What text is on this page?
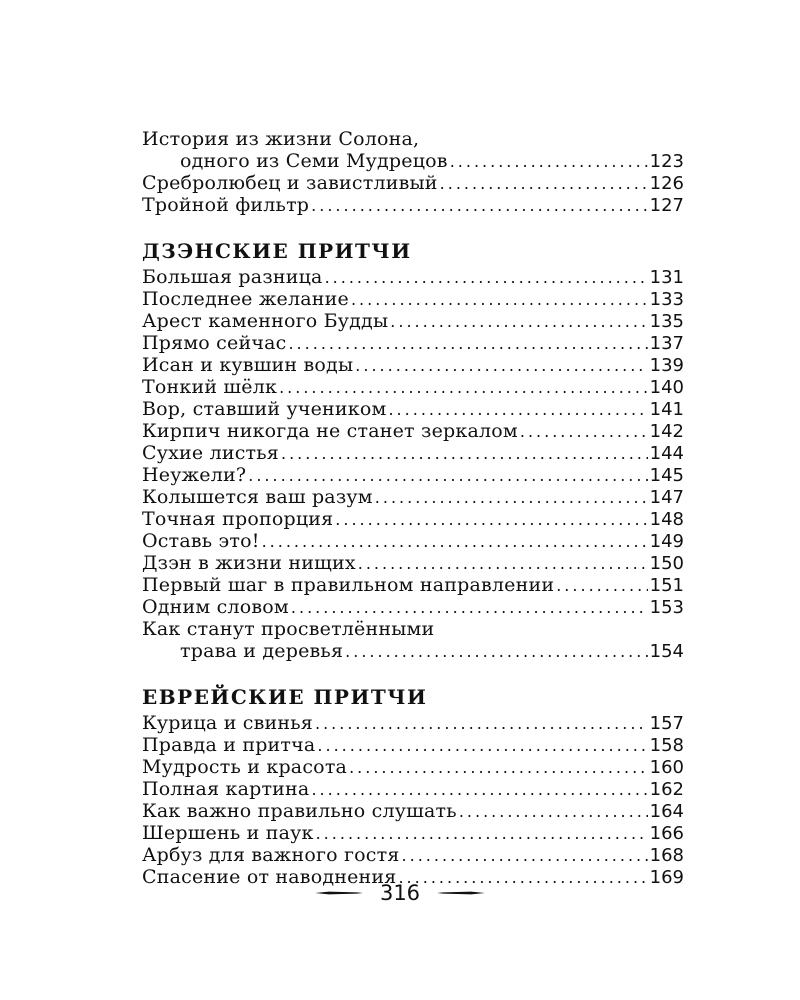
История из жизни Солона,
одного из Семи Мудрецов .....	123
Сребролюбец и завистливый .....	126
Тройной фильтр .....	127
ДЗЭНСКИЕ ПРИТЧИ
Большая разница .....	131
Последнее желание .....	133
Арест каменного Будды .....	135
Прямо сейчас .....	137
Исан и кувшин воды .....	139
Тонкий шёлк .....	140
Вор, ставший учеником .....	141
Кирпич никогда не станет зеркалом .....	142
Сухие листья .....	144
Неужели? .....	145
Колышется ваш разум .....	147
Точная пропорция .....	148
Оставь это! .....	149
Дзэн в жизни нищих .....	150
Первый шаг в правильном направлении .....	151
Одним словом .....	153
Как станут просветлёнными
трава и деревья .....	154
ЕВРЕЙСКИЕ ПРИТЧИ
Курица и свинья .....	157
Правда и притча .....	158
Мудрость и красота .....	160
Полная картина .....	162
Как важно правильно слушать .....	164
Шершень и паук .....	166
Арбуз для важного гостя .....	168
Спасение от наводнения .....	169
316
